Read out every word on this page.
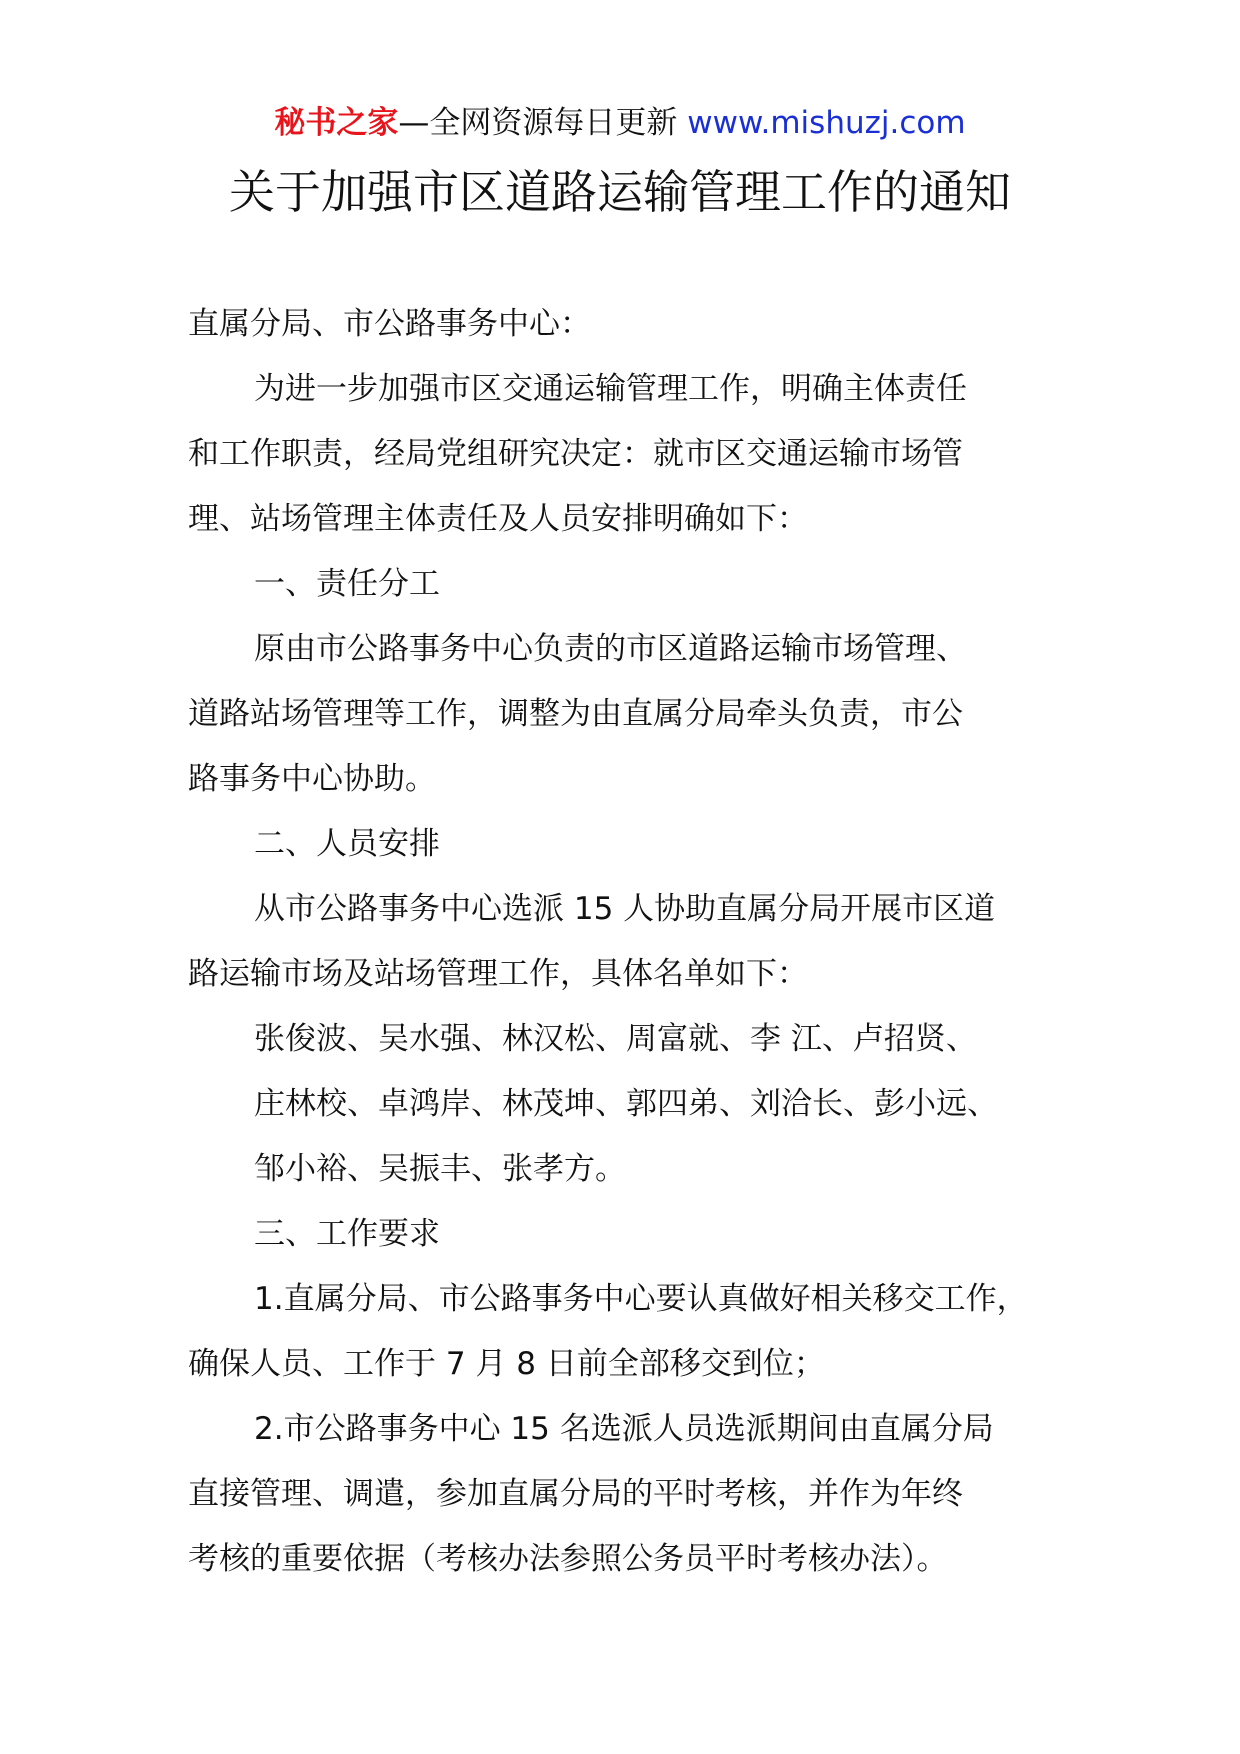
秘书之家—全网资源每日更新 www.mishuzj.com
关于加强市区道路运输管理工作的通知
直属分局、市公路事务中心：
为进一步加强市区交通运输管理工作，明确主体责任
和工作职责，经局党组研究决定：就市区交通运输市场管
理、站场管理主体责任及人员安排明确如下：
一、责任分工
原由市公路事务中心负责的市区道路运输市场管理、
道路站场管理等工作，调整为由直属分局牵头负责，市公
路事务中心协助。
二、人员安排
从市公路事务中心选派 15 人协助直属分局开展市区道
路运输市场及站场管理工作，具体名单如下：
张俊波、吴水强、林汉松、周富就、李 江、卢招贤、
庄林校、卓鸿岸、林茂坤、郭四弟、刘洽长、彭小远、
邹小裕、吴振丰、张孝方。
三、工作要求
1.直属分局、市公路事务中心要认真做好相关移交工作，
确保人员、工作于 7 月 8 日前全部移交到位；
2.市公路事务中心 15 名选派人员选派期间由直属分局
直接管理、调遣，参加直属分局的平时考核，并作为年终
考核的重要依据（考核办法参照公务员平时考核办法）。
